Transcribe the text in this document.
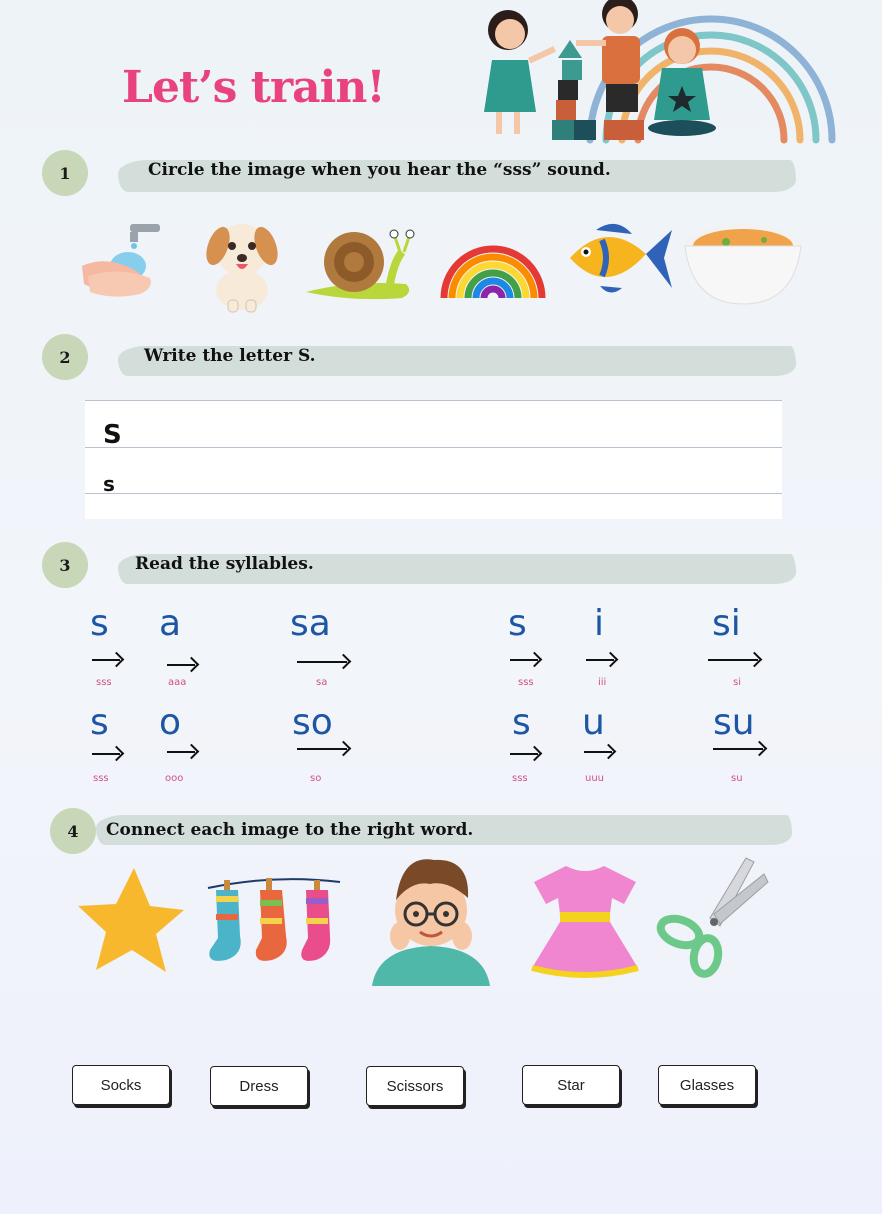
Let’s train!
1	Circle the image when you hear the “sss” sound.
2	Write the letter S.
S
s
3	Read the syllables.
s a
sss	aaa
sa
sa
s i
sss	iii
si
si
s o
sss	ooo
so
so
s u
sss	uuu
su
su
4	Connect each image to the right word.
Socks	Dress	Scissors	Star	Glasses
